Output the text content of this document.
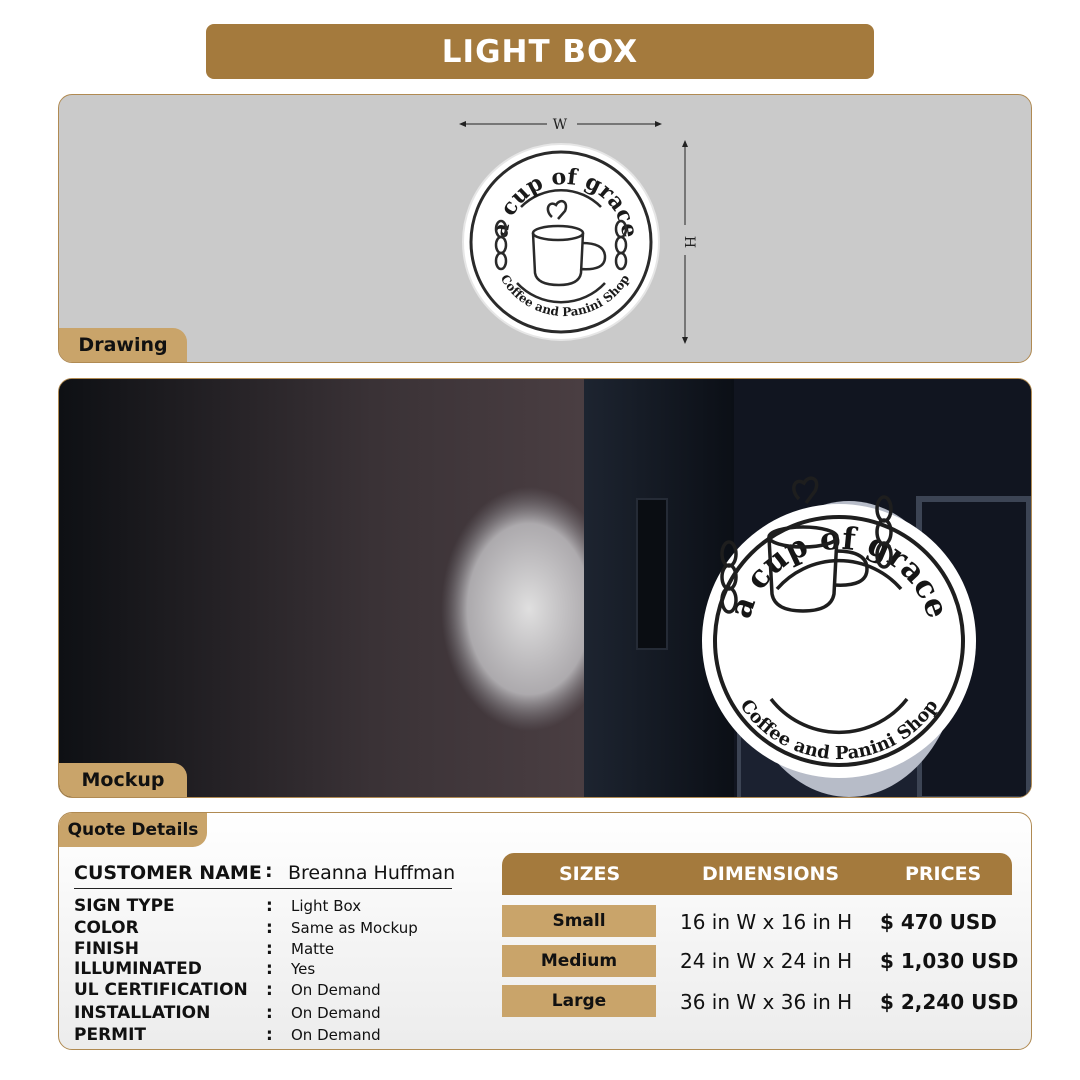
LIGHT BOX
W
H
a cup of grace
Coffee and Panini Shop
Drawing
a cup of grace
Coffee and Panini Shop
Mockup
Quote Details
CUSTOMER NAME : Breanna Huffman
SIGN TYPE	: Light Box
COLOR	: Same as Mockup
FINISH	: Matte
ILLUMINATED	: Yes
UL CERTIFICATION : On Demand
INSTALLATION	: On Demand
PERMIT	: On Demand
SIZES	DIMENSIONS	PRICES
Small	16 in W x 16 in H $ 470 USD
Medium	24 in W x 24 in H $ 1,030 USD
Large	36 in W x 36 in H $ 2,240 USD
